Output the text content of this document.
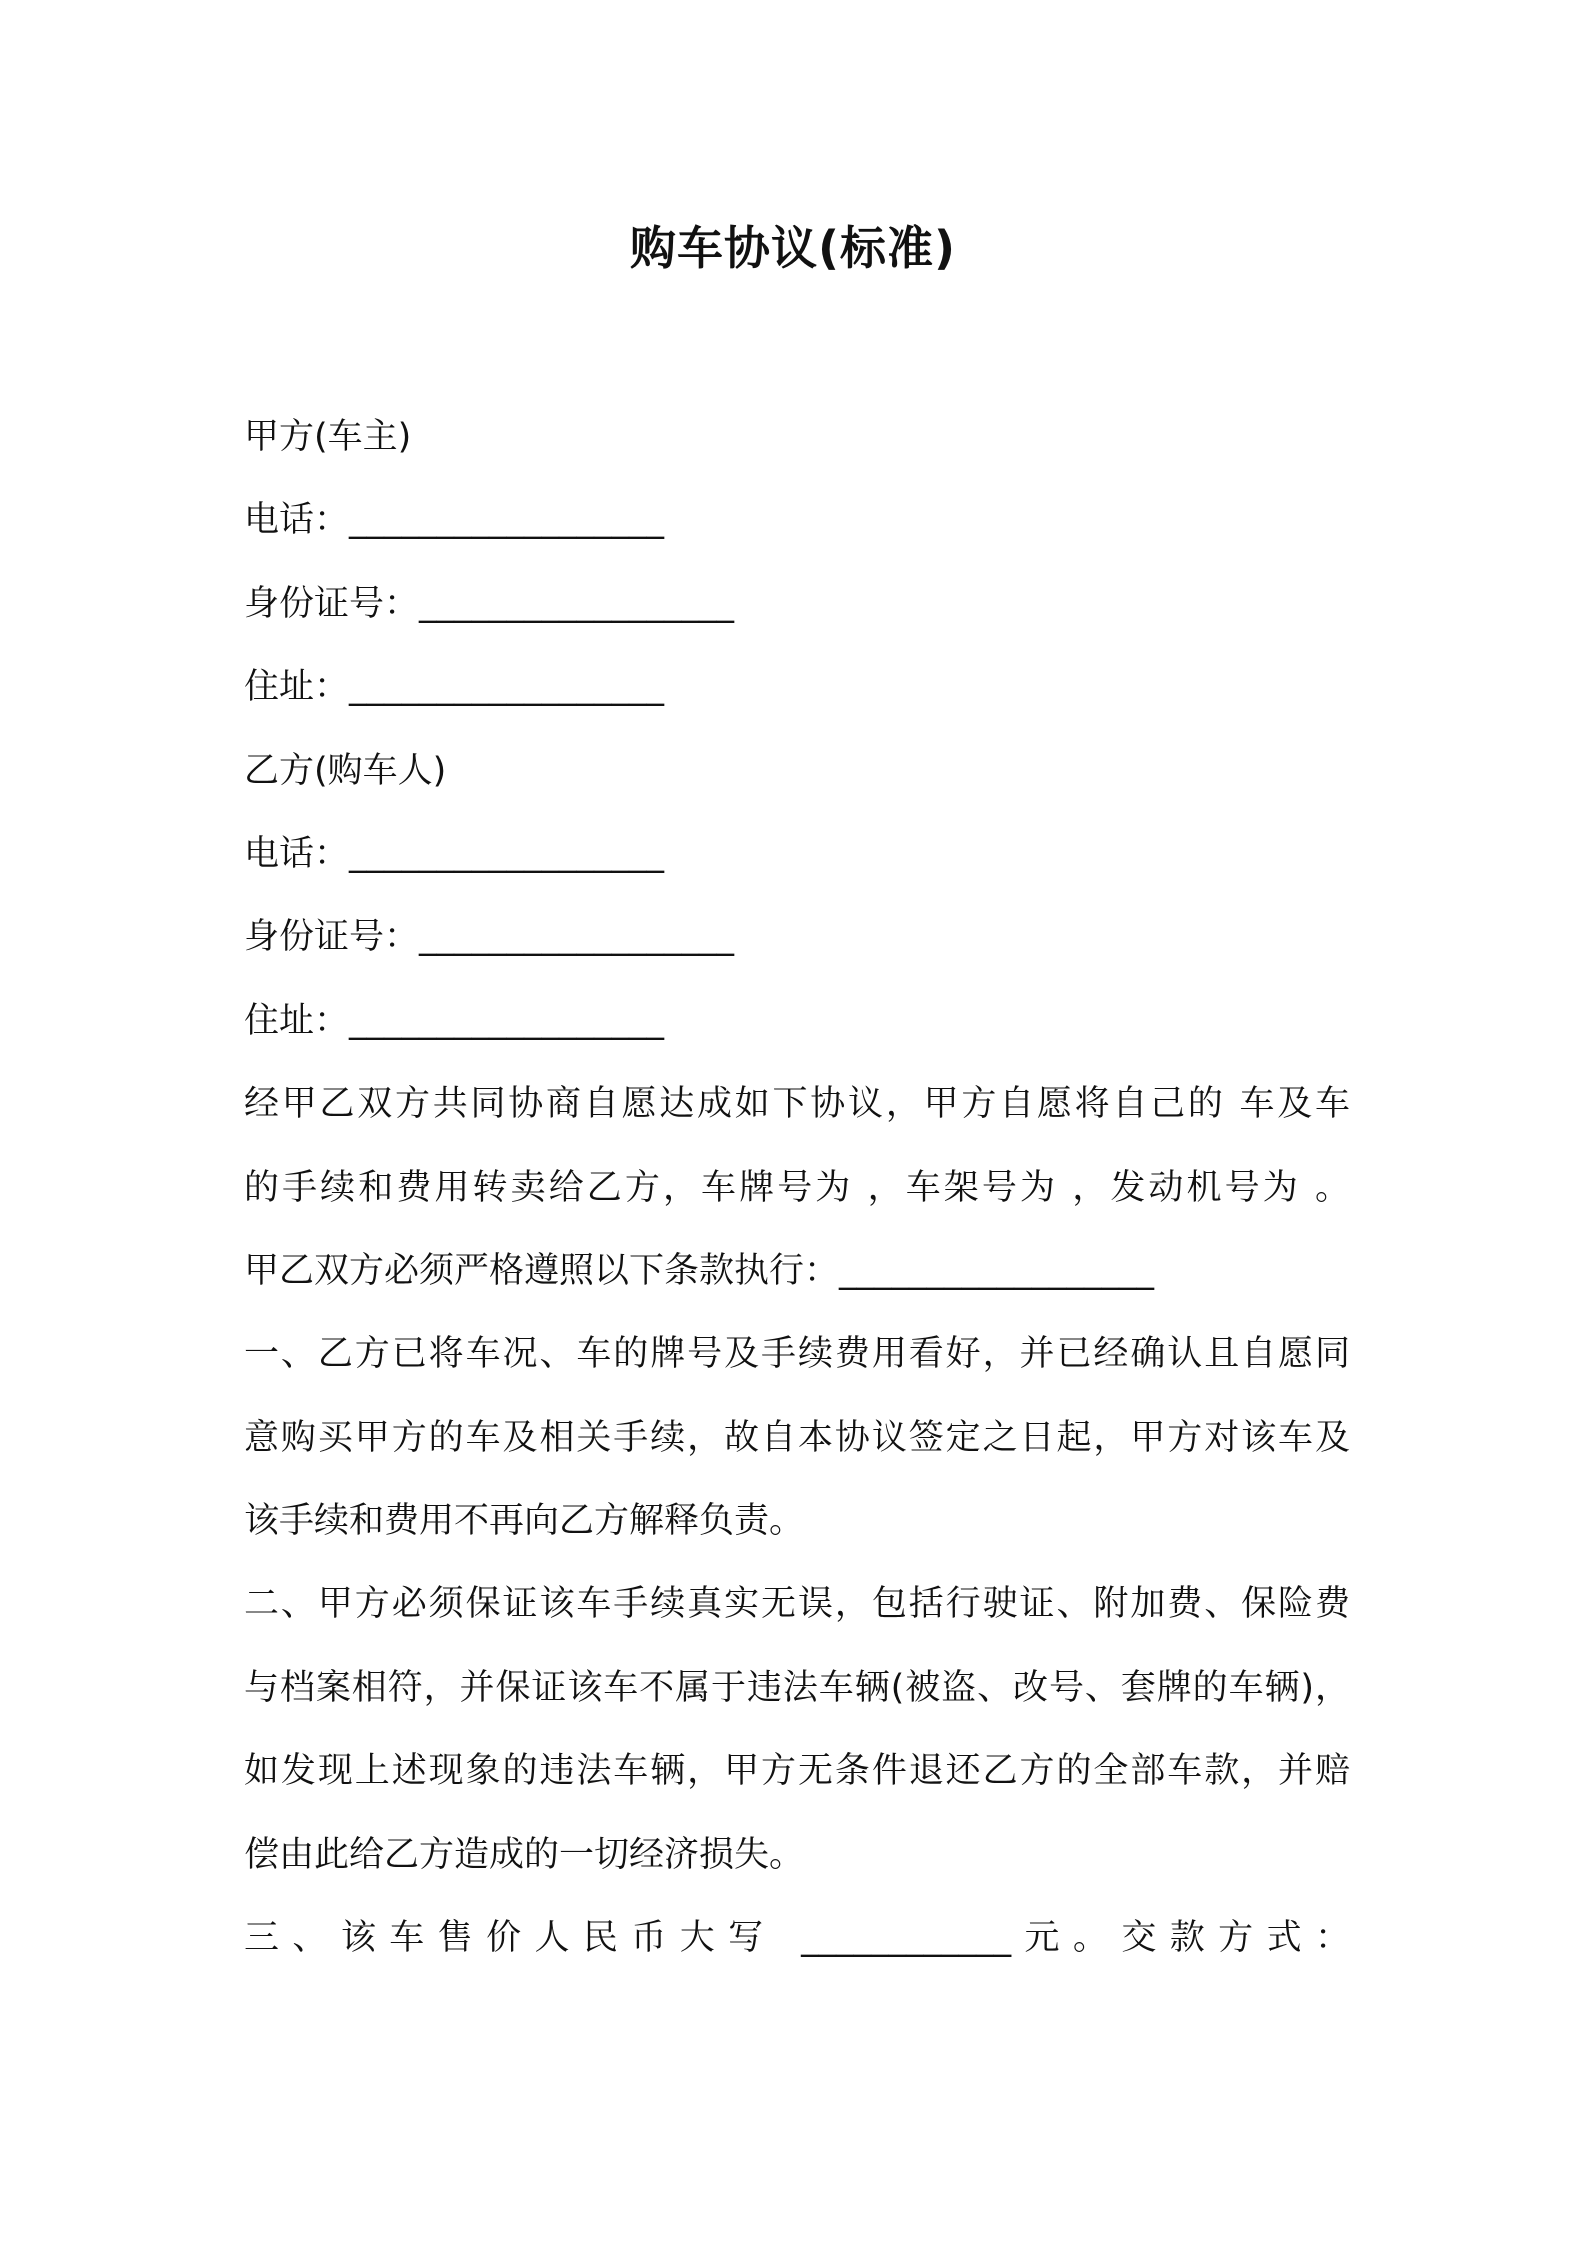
购车协议(标准)
甲方(车主)
电话：__________________
身份证号：__________________
住址：__________________
乙方(购车人)
电话：__________________
身份证号：__________________
住址：__________________
经甲乙双方共同协商自愿达成如下协议，甲方自愿将自己的 车及车
的手续和费用转卖给乙方，车牌号为 ，车架号为 ，发动机号为 。
甲乙双方必须严格遵照以下条款执行：__________________
一、乙方已将车况、车的牌号及手续费用看好，并已经确认且自愿同
意购买甲方的车及相关手续，故自本协议签定之日起，甲方对该车及
该手续和费用不再向乙方解释负责。
二、甲方必须保证该车手续真实无误，包括行驶证、附加费、保险费
与档案相符，并保证该车不属于违法车辆(被盗、改号、套牌的车辆)，
如发现上述现象的违法车辆，甲方无条件退还乙方的全部车款，并赔
偿由此给乙方造成的一切经济损失。
三、该车售价人民币大写 ____________元。交款方式：
